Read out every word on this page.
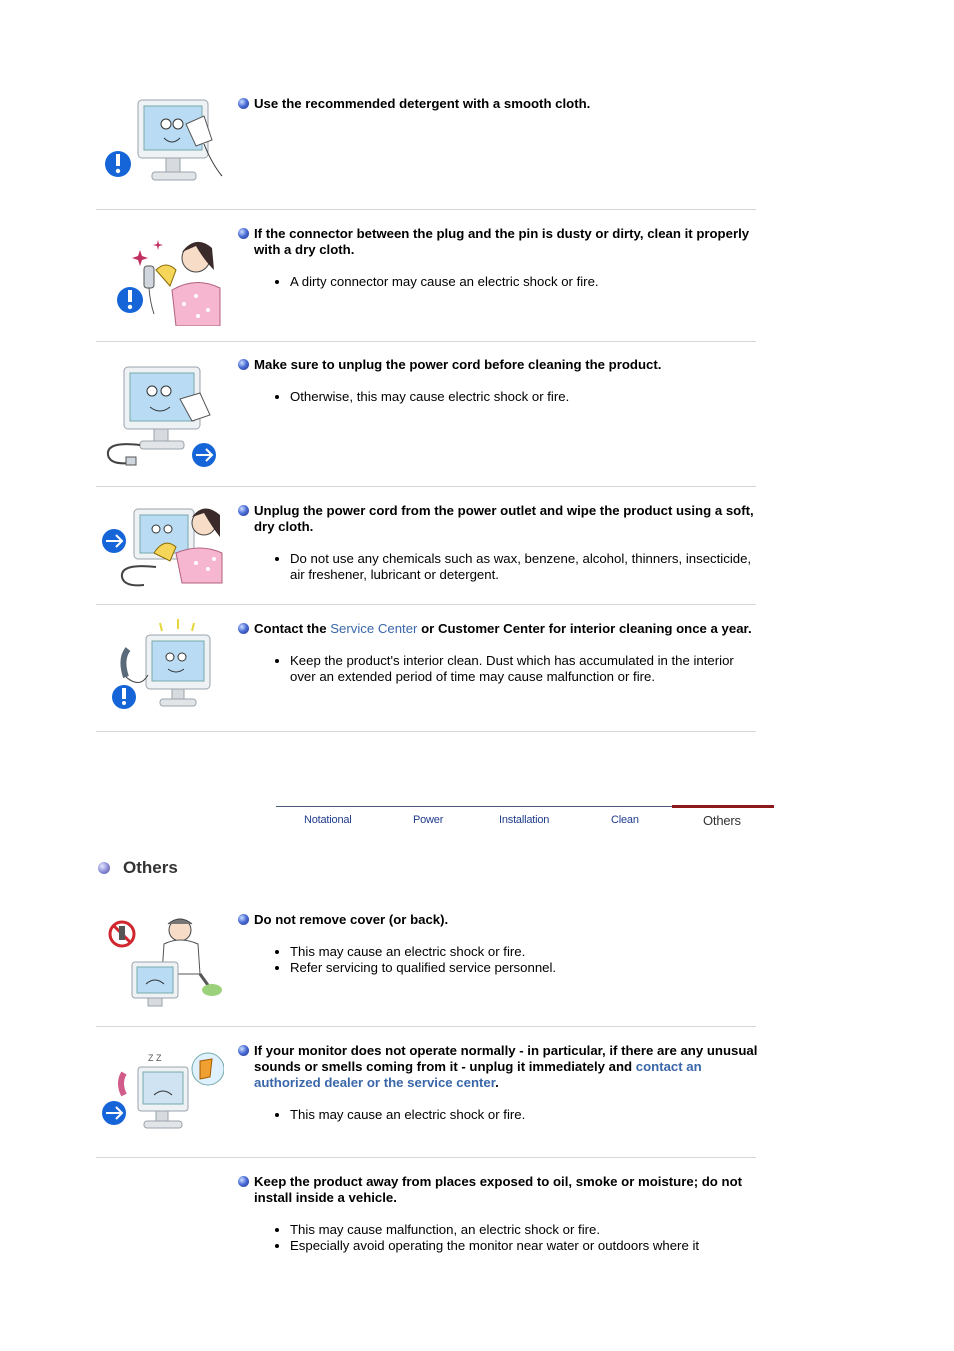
Use the recommended detergent with a smooth cloth.
If the connector between the plug and the pin is dusty or dirty, clean it properly with a dry cloth.
• A dirty connector may cause an electric shock or fire.
Make sure to unplug the power cord before cleaning the product.
• Otherwise, this may cause electric shock or fire.
Unplug the power cord from the power outlet and wipe the product using a soft, dry cloth.
• Do not use any chemicals such as wax, benzene, alcohol, thinners, insecticide, air freshener, lubricant or detergent.
Contact the Service Center or Customer Center for interior cleaning once a year.
• Keep the product's interior clean. Dust which has accumulated in the interior over an extended period of time may cause malfunction or fire.
Notational	Power	Installation	Clean	Others
Others
Do not remove cover (or back).
• This may cause an electric shock or fire.
• Refer servicing to qualified service personnel.
Z Z	If your monitor does not operate normally - in particular, if there are any unusual sounds or smells coming from it - unplug it immediately and contact an authorized dealer or the service center.
• This may cause an electric shock or fire.
Keep the product away from places exposed to oil, smoke or moisture; do not install inside a vehicle.
• This may cause malfunction, an electric shock or fire.
• Especially avoid operating the monitor near water or outdoors where it
